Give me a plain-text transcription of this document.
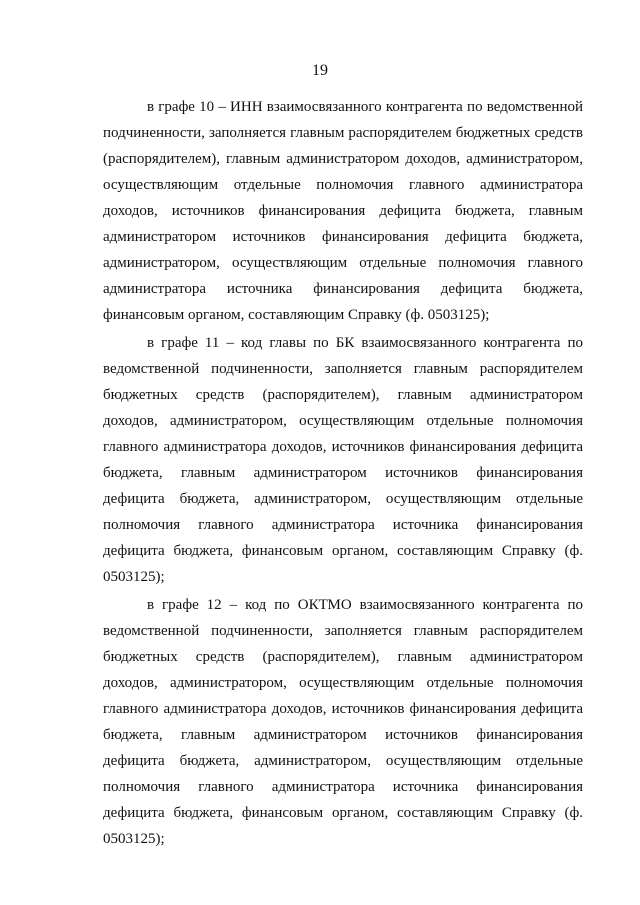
19

в графе 10 – ИНН взаимосвязанного контрагента по ведомственной подчиненности, заполняется главным распорядителем бюджетных средств (распорядителем), главным администратором доходов, администратором, осуществляющим отдельные полномочия главного администратора доходов, источников финансирования дефицита бюджета, главным администратором источников финансирования дефицита бюджета, администратором, осуществляющим отдельные полномочия главного администратора источника финансирования дефицита бюджета, финансовым органом, составляющим Справку (ф. 0503125);

в графе 11 – код главы по БК взаимосвязанного контрагента по ведомственной подчиненности, заполняется главным распорядителем бюджетных средств (распорядителем), главным администратором доходов, администратором, осуществляющим отдельные полномочия главного администратора доходов, источников финансирования дефицита бюджета, главным администратором источников финансирования дефицита бюджета, администратором, осуществляющим отдельные полномочия главного администратора источника финансирования дефицита бюджета, финансовым органом, составляющим Справку (ф. 0503125);

в графе 12 – код по ОКТМО взаимосвязанного контрагента по ведомственной подчиненности, заполняется главным распорядителем бюджетных средств (распорядителем), главным администратором доходов, администратором, осуществляющим отдельные полномочия главного администратора доходов, источников финансирования дефицита бюджета, главным администратором источников финансирования дефицита бюджета, администратором, осуществляющим отдельные полномочия главного администратора источника финансирования дефицита бюджета, финансовым органом, составляющим Справку (ф. 0503125);
